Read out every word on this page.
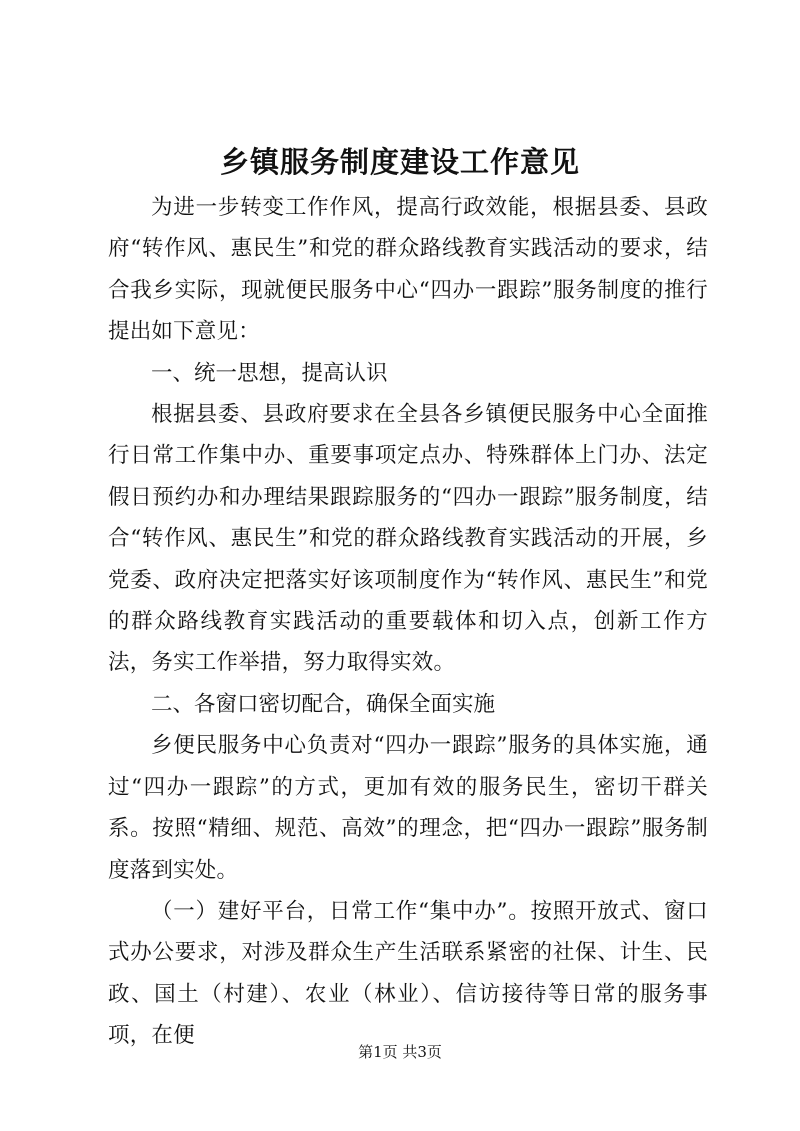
乡镇服务制度建设工作意见

为进一步转变工作作风，提高行政效能，根据县委、县政府“转作风、惠民生”和党的群众路线教育实践活动的要求，结合我乡实际，现就便民服务中心“四办一跟踪”服务制度的推行提出如下意见：

一、统一思想，提高认识

根据县委、县政府要求在全县各乡镇便民服务中心全面推行日常工作集中办、重要事项定点办、特殊群体上门办、法定假日预约办和办理结果跟踪服务的“四办一跟踪”服务制度，结合“转作风、惠民生”和党的群众路线教育实践活动的开展，乡党委、政府决定把落实好该项制度作为“转作风、惠民生”和党的群众路线教育实践活动的重要载体和切入点，创新工作方法，务实工作举措，努力取得实效。

二、各窗口密切配合，确保全面实施

乡便民服务中心负责对“四办一跟踪”服务的具体实施，通过“四办一跟踪”的方式，更加有效的服务民生，密切干群关系。按照“精细、规范、高效”的理念，把“四办一跟踪”服务制度落到实处。

（一）建好平台，日常工作“集中办”。按照开放式、窗口式办公要求，对涉及群众生产生活联系紧密的社保、计生、民政、国土（村建）、农业（林业）、信访接待等日常的服务事项，在便

第1页 共3页
